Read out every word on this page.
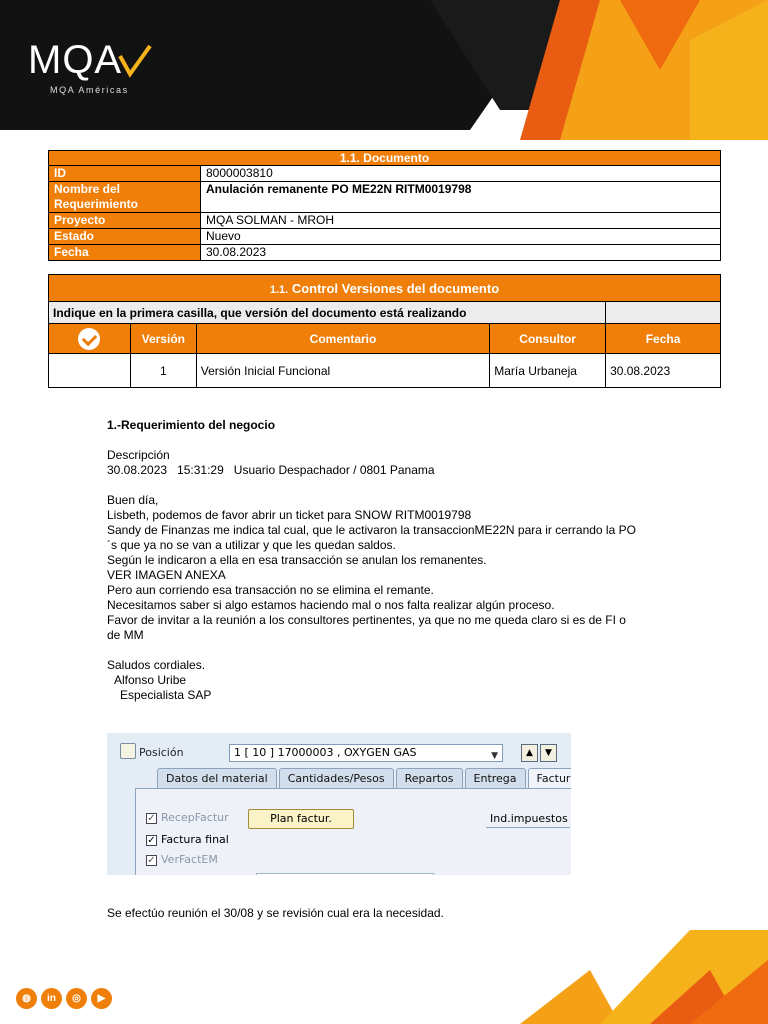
MQA
MQA Américas
1.1. Documento	
ID	8000003810
Nombre del Requerimiento	Anulación remanente PO ME22N RITM0019798
Proyecto	MQA SOLMAN - MROH
Estado	Nuevo
Fecha	30.08.2023
1.1. Control Versiones del documento				
Indique en la primera casilla, que versión del documento está realizando				
	Versión	Comentario	Consultor	Fecha
	1	Versión Inicial Funcional	María Urbaneja	30.08.2023
1.-Requerimiento del negocio
Descripción
30.08.2023   15:31:29   Usuario Despachador / 0801 Panama
Buen día,
Lisbeth, podemos de favor abrir un ticket para SNOW RITM0019798
Sandy de Finanzas me indica tal cual, que le activaron la transaccionME22N para ir cerrando la PO
´s que ya no se van a utilizar y que les quedan saldos.
Según le indicaron a ella en esa transacción se anulan los remanentes.
VER IMAGEN ANEXA
Pero aun corriendo esa transacción no se elimina el remante.
Necesitamos saber si algo estamos haciendo mal o nos falta realizar algún proceso.
Favor de invitar a la reunión a los consultores pertinentes, ya que no me queda claro si es de FI o
de MM
Saludos cordiales.
Alfonso Uribe
Especialista SAP
Posición	1 [ 10 ] 17000003 , OXYGEN GAS	▼	▲	▼
Datos del material	Cantidades/Pesos	Repartos	Entrega	Factur
✓ RecepFactur
✓ Factura final
✓ VerFactEM
Plan factur.	Ind.impuestos
Se efectúo reunión el 30/08 y se revisión cual era la necesidad.
◍	in	◎	▶
